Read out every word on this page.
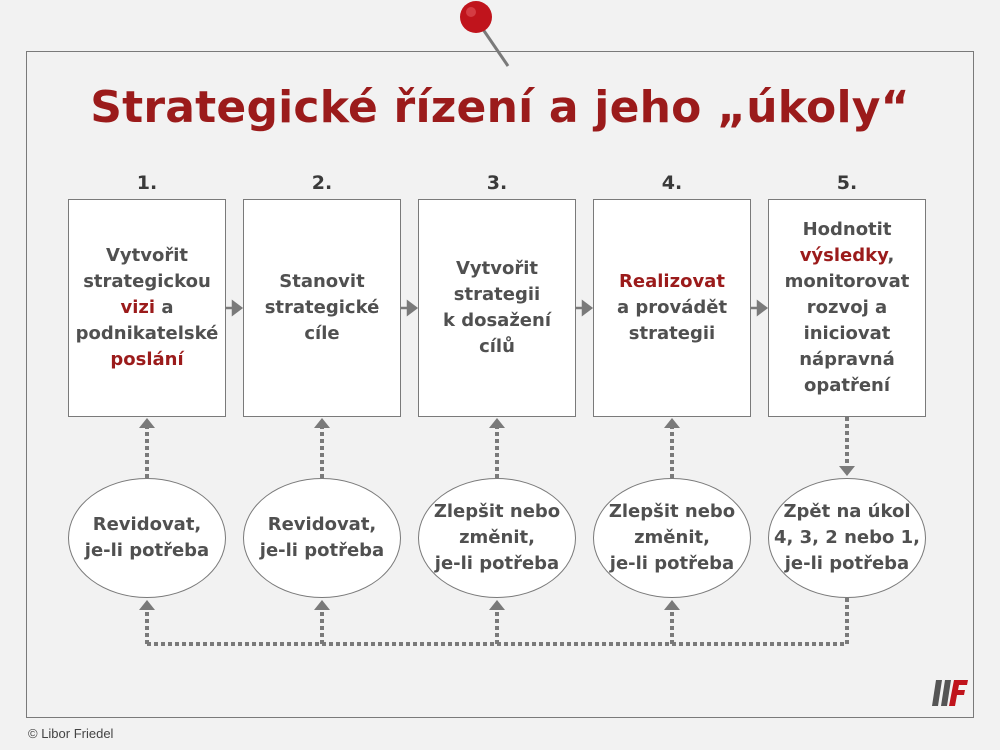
Strategické řízení a jeho „úkoly“
1.
Vytvořit
strategickou
vizi a
podnikatelské
poslání
2.
Stanovit
strategické
cíle
3.
Vytvořit
strategii
k dosažení
cílů
4.
Realizovat
a provádět
strategii
5.
Hodnotit
výsledky,
monitorovat
rozvoj a
iniciovat
nápravná
opatření
Revidovat,
je-li potřeba
Revidovat,
je-li potřeba
Zlepšit nebo
změnit,
je-li potřeba
Zlepšit nebo
změnit,
je-li potřeba
Zpět na úkol
4, 3, 2 nebo 1,
je-li potřeba
© Libor Friedel
